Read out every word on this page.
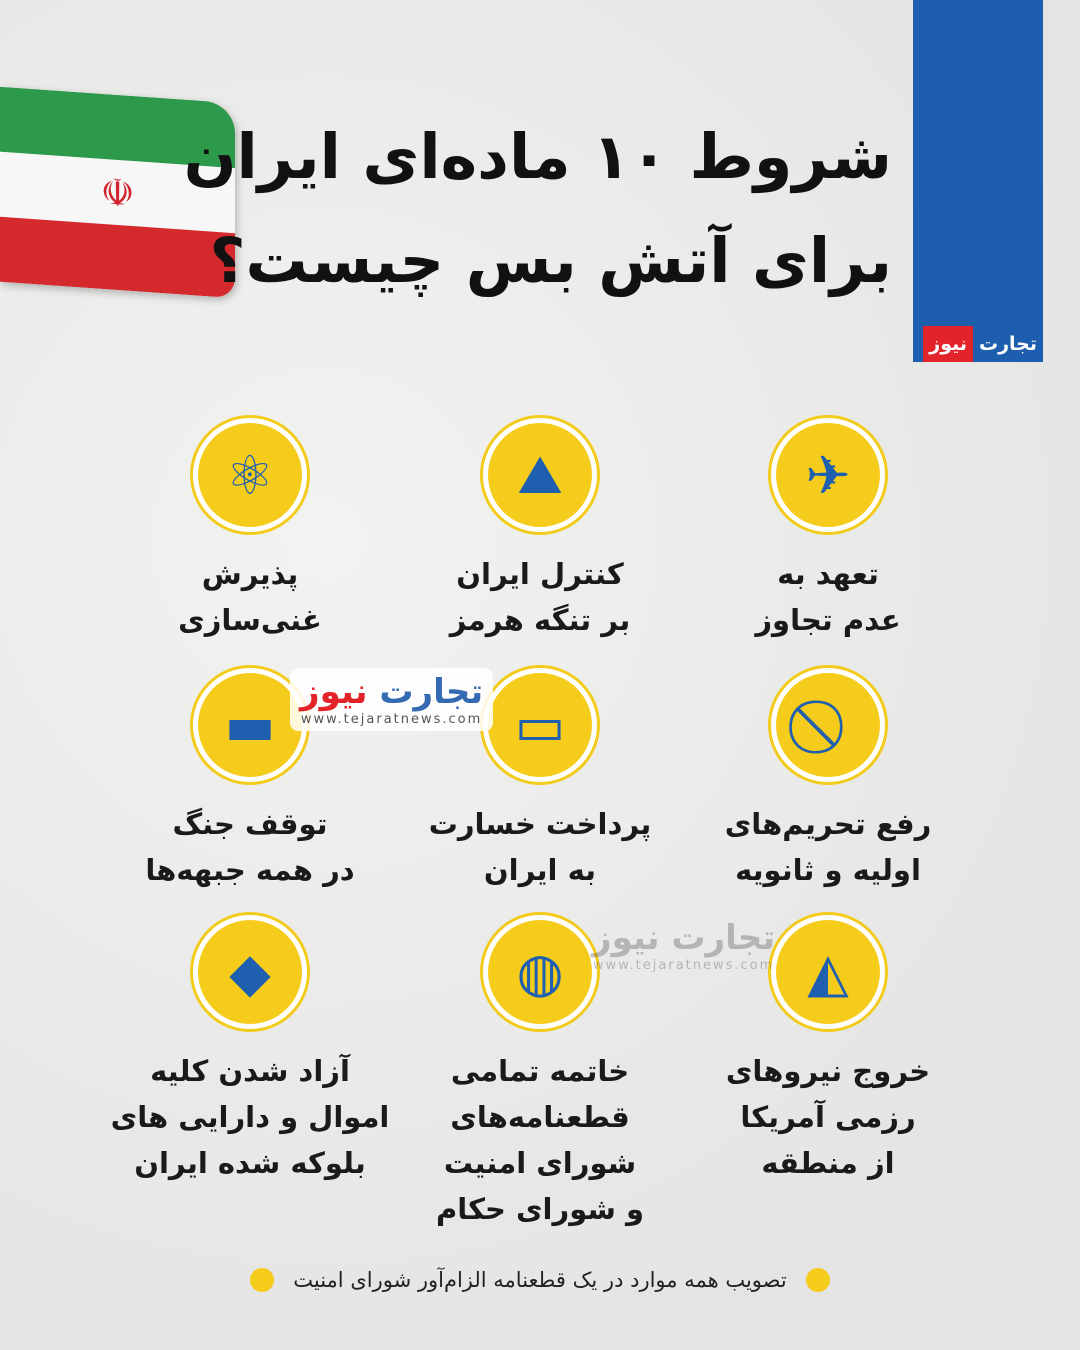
☫ شروط ۱۰ ماده‌ای ایران
برای آتش بس چیست؟
تجارت
نیوز
✈
تعهد به
عدم تجاوز
⛰
کنترل ایران
بر تنگه هرمز
⚛
پذیرش
غنی‌سازی
رفع تحریم‌های
اولیه و ثانویه
▭
پرداخت خسارت
به ایران
▬
توقف جنگ
در همه جبهه‌ها
◭
خروج نیروهای
رزمی آمریکا
از منطقه
◍
خاتمه تمامی
قطعنامه‌های
شورای امنیت
و شورای حکام
◆
آزاد شدن کلیه
اموال و دارایی های
بلوکه شده ایران
تجارت نیوز
www.tejaratnews.com
تجارت نیوز
www.tejaratnews.com
تصویب همه موارد در یک قطعنامه الزام‌آور شورای امنیت
